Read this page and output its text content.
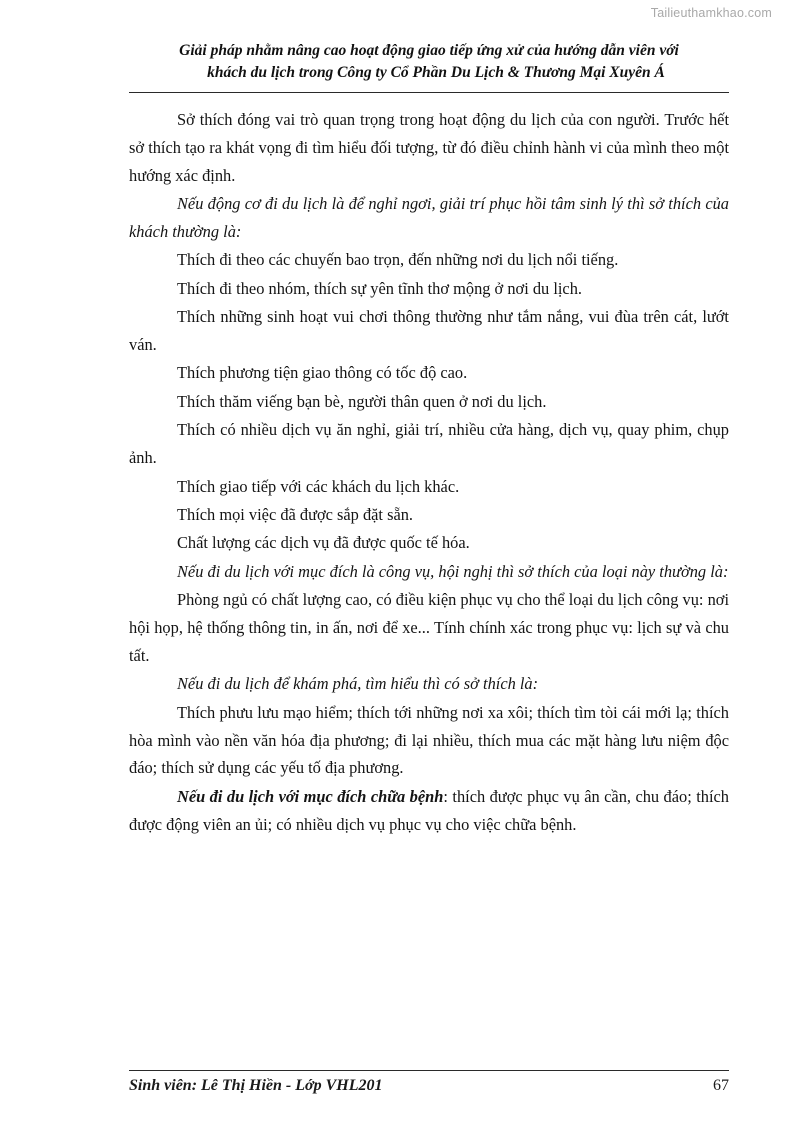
Tailieuthamkhao.com
Giải pháp nhằm nâng cao hoạt động giao tiếp ứng xử của hướng dẫn viên với
khách du lịch trong Công ty Cổ Phần Du Lịch & Thương Mại Xuyên Á

Sở thích đóng vai trò quan trọng trong hoạt động du lịch của con người. Trước hết sở thích tạo ra khát vọng đi tìm hiểu đối tượng, từ đó điều chỉnh hành vi của mình theo một hướng xác định.

Nếu động cơ đi du lịch là để nghỉ ngơi, giải trí phục hồi tâm sinh lý thì sở thích của khách thường là:

Thích đi theo các chuyến bao trọn, đến những nơi du lịch nổi tiếng.

Thích đi theo nhóm, thích sự yên tĩnh thơ mộng ở nơi du lịch.

Thích những sinh hoạt vui chơi thông thường như tắm nắng, vui đùa trên cát, lướt ván.

Thích phương tiện giao thông có tốc độ cao.

Thích thăm viếng bạn bè, người thân quen ở nơi du lịch.

Thích có nhiều dịch vụ ăn nghỉ, giải trí, nhiều cửa hàng, dịch vụ, quay phim, chụp ảnh.

Thích giao tiếp với các khách du lịch khác.

Thích mọi việc đã được sắp đặt sẵn.

Chất lượng các dịch vụ đã được quốc tế hóa.

Nếu đi du lịch với mục đích là công vụ, hội nghị thì sở thích của loại này thường là:

Phòng ngủ có chất lượng cao, có điều kiện phục vụ cho thể loại du lịch công vụ: nơi hội họp, hệ thống thông tin, in ấn, nơi để xe... Tính chính xác trong phục vụ: lịch sự và chu tất.

Nếu đi du lịch để khám phá, tìm hiểu thì có sở thích là:

Thích phưu lưu mạo hiểm; thích tới những nơi xa xôi; thích tìm tòi cái mới lạ; thích hòa mình vào nền văn hóa địa phương; đi lại nhiều, thích mua các mặt hàng lưu niệm độc đáo; thích sử dụng các yếu tố địa phương.

Nếu đi du lịch với mục đích chữa bệnh: thích được phục vụ ân cần, chu đáo; thích được động viên an ủi; có nhiều dịch vụ phục vụ cho việc chữa bệnh.

Sinh viên: Lê Thị Hiền - Lớp VHL201	67
